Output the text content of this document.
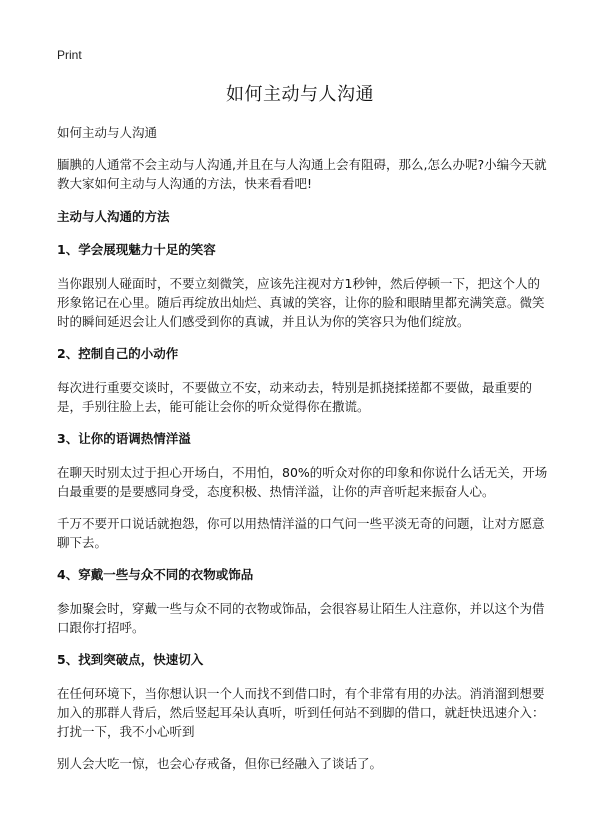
Print
如何主动与人沟通

如何主动与人沟通

腼腆的人通常不会主动与人沟通,并且在与人沟通上会有阻碍，那么,怎么办呢?小编今天就教大家如何主动与人沟通的方法，快来看看吧!

主动与人沟通的方法
1、学会展现魅力十足的笑容

当你跟别人碰面时，不要立刻微笑，应该先注视对方1秒钟，然后停顿一下，把这个人的形象铭记在心里。随后再绽放出灿烂、真诚的笑容，让你的脸和眼睛里都充满笑意。微笑时的瞬间延迟会让人们感受到你的真诚，并且认为你的笑容只为他们绽放。

2、控制自己的小动作

每次进行重要交谈时，不要做立不安，动来动去，特别是抓挠揉搓都不要做，最重要的是，手别往脸上去，能可能让会你的听众觉得你在撒谎。

3、让你的语调热情洋溢

在聊天时别太过于担心开场白，不用怕，80%的听众对你的印象和你说什么话无关，开场白最重要的是要感同身受，态度积极、热情洋溢，让你的声音听起来振奋人心。

千万不要开口说话就抱怨，你可以用热情洋溢的口气问一些平淡无奇的问题，让对方愿意聊下去。

4、穿戴一些与众不同的衣物或饰品

参加聚会时，穿戴一些与众不同的衣物或饰品，会很容易让陌生人注意你，并以这个为借口跟你打招呼。

5、找到突破点，快速切入

在任何环境下，当你想认识一个人而找不到借口时，有个非常有用的办法。消消溜到想要加入的那群人背后，然后竖起耳朵认真听，听到任何站不到脚的借口，就赶快迅速介入：打扰一下，我不小心听到

别人会大吃一惊，也会心存戒备，但你已经融入了谈话了。
